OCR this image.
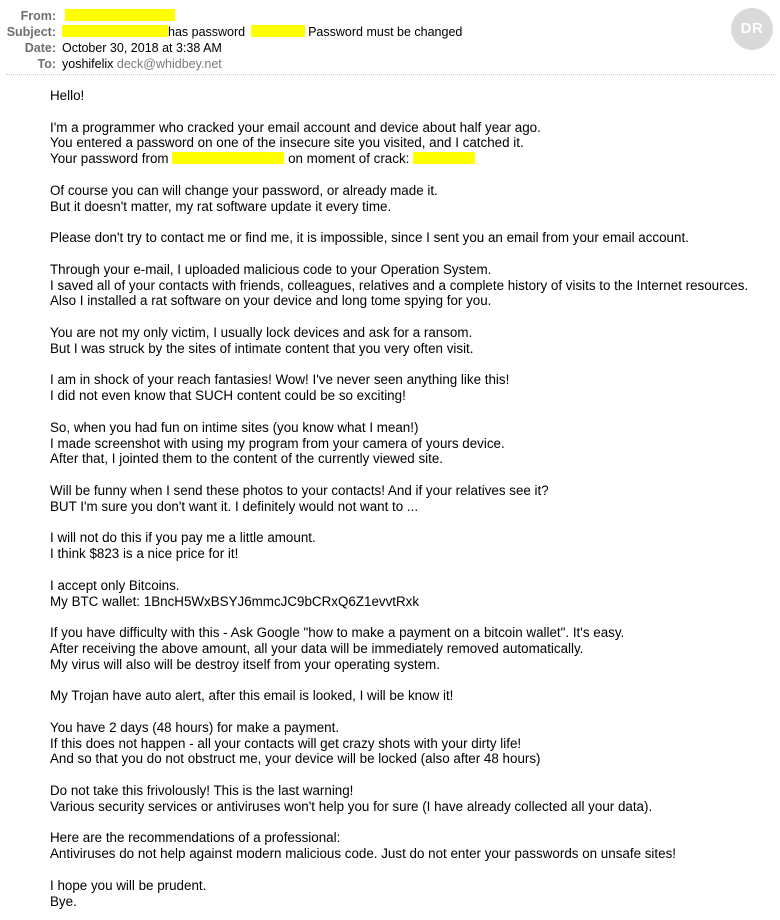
From:
Subject:	has password	Password must be changed
Date: October 30, 2018 at 3:38 AM
To: yoshifelix deck@whidbey.net
DR
Hello!
I'm a programmer who cracked your email account and device about half year ago.
You entered a password on one of the insecure site you visited, and I catched it.
Your password from	on moment of crack:
Of course you can will change your password, or already made it.
But it doesn't matter, my rat software update it every time.
Please don't try to contact me or find me, it is impossible, since I sent you an email from your email account.
Through your e-mail, I uploaded malicious code to your Operation System.
I saved all of your contacts with friends, colleagues, relatives and a complete history of visits to the Internet resources.
Also I installed a rat software on your device and long tome spying for you.
You are not my only victim, I usually lock devices and ask for a ransom.
But I was struck by the sites of intimate content that you very often visit.
I am in shock of your reach fantasies! Wow! I've never seen anything like this!
I did not even know that SUCH content could be so exciting!
So, when you had fun on intime sites (you know what I mean!)
I made screenshot with using my program from your camera of yours device.
After that, I jointed them to the content of the currently viewed site.
Will be funny when I send these photos to your contacts! And if your relatives see it?
BUT I'm sure you don't want it. I definitely would not want to ...
I will not do this if you pay me a little amount.
I think $823 is a nice price for it!
I accept only Bitcoins.
My BTC wallet: 1BncH5WxBSYJ6mmcJC9bCRxQ6Z1evvtRxk
If you have difficulty with this - Ask Google "how to make a payment on a bitcoin wallet". It's easy.
After receiving the above amount, all your data will be immediately removed automatically.
My virus will also will be destroy itself from your operating system.
My Trojan have auto alert, after this email is looked, I will be know it!
You have 2 days (48 hours) for make a payment.
If this does not happen - all your contacts will get crazy shots with your dirty life!
And so that you do not obstruct me, your device will be locked (also after 48 hours)
Do not take this frivolously! This is the last warning!
Various security services or antiviruses won't help you for sure (I have already collected all your data).
Here are the recommendations of a professional:
Antiviruses do not help against modern malicious code. Just do not enter your passwords on unsafe sites!
I hope you will be prudent.
Bye.
